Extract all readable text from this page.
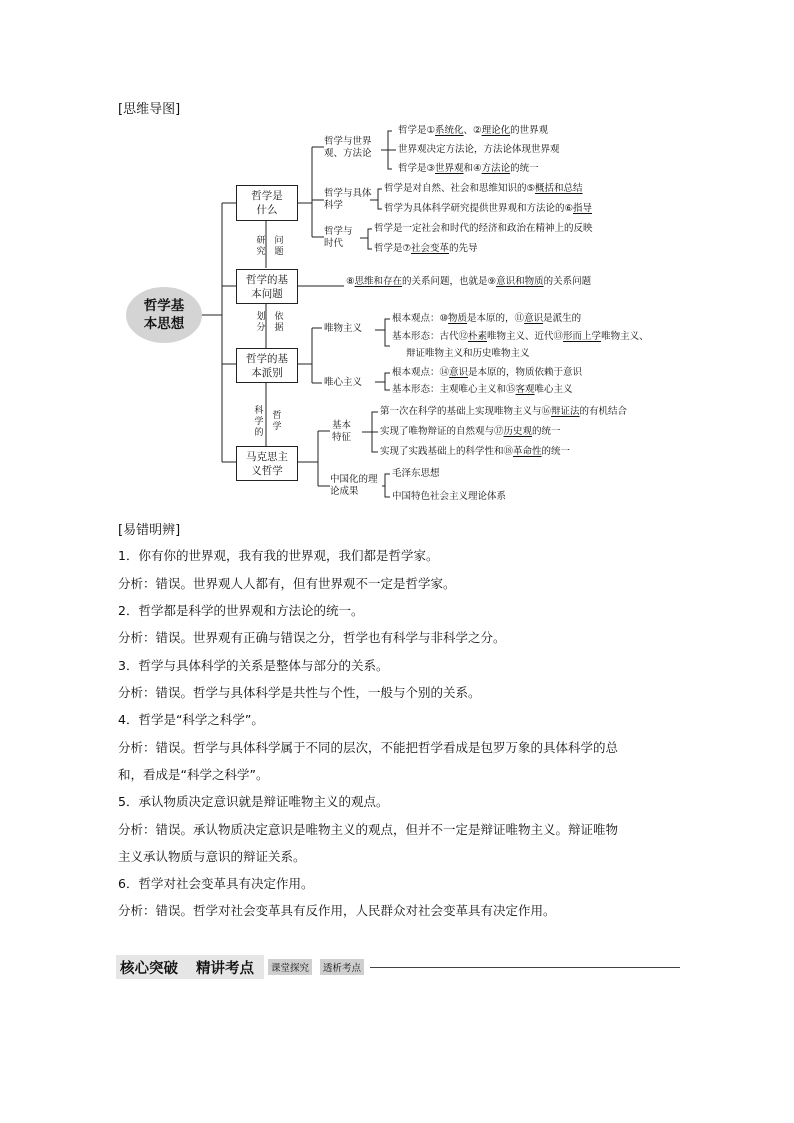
[思维导图]
哲学基本思想
哲学是什么
哲学的基本问题
哲学的基本派别
马克思主义哲学
研
究
问
题
划
分
依
据
科
学
的
哲
学
哲学与世界观、方法论
哲学与具体科学
哲学与时代
唯物主义
唯心主义
基本特征
中国化的理论成果
哲学是①系统化、②理论化的世界观
世界观决定方法论，方法论体现世界观
哲学是③世界观和④方法论的统一
哲学是对自然、社会和思维知识的⑤概括和总结
哲学为具体科学研究提供世界观和方法论的⑥指导
哲学是一定社会和时代的经济和政治在精神上的反映
哲学是⑦社会变革的先导
⑧思维和存在的关系问题，也就是⑨意识和物质的关系问题
根本观点：⑩物质是本原的，⑪意识是派生的
基本形态：古代⑫朴素唯物主义、近代⑬形而上学唯物主义、
辩证唯物主义和历史唯物主义
根本观点：⑭意识是本原的，物质依赖于意识
基本形态：主观唯心主义和⑮客观唯心主义
第一次在科学的基础上实现唯物主义与⑯辩证法的有机结合
实现了唯物辩证的自然观与⑰历史观的统一
实现了实践基础上的科学性和⑱革命性的统一
毛泽东思想
中国特色社会主义理论体系
[易错明辨]
1．你有你的世界观，我有我的世界观，我们都是哲学家。
分析：错误。世界观人人都有，但有世界观不一定是哲学家。
2．哲学都是科学的世界观和方法论的统一。
分析：错误。世界观有正确与错误之分，哲学也有科学与非科学之分。
3．哲学与具体科学的关系是整体与部分的关系。
分析：错误。哲学与具体科学是共性与个性，一般与个别的关系。
4．哲学是“科学之科学”。
分析：错误。哲学与具体科学属于不同的层次，不能把哲学看成是包罗万象的具体科学的总
和，看成是“科学之科学”。
5．承认物质决定意识就是辩证唯物主义的观点。
分析：错误。承认物质决定意识是唯物主义的观点，但并不一定是辩证唯物主义。辩证唯物
主义承认物质与意识的辩证关系。
6．哲学对社会变革具有决定作用。
分析：错误。哲学对社会变革具有反作用，人民群众对社会变革具有决定作用。
核心突破 精讲考点	课堂探究	透析考点
